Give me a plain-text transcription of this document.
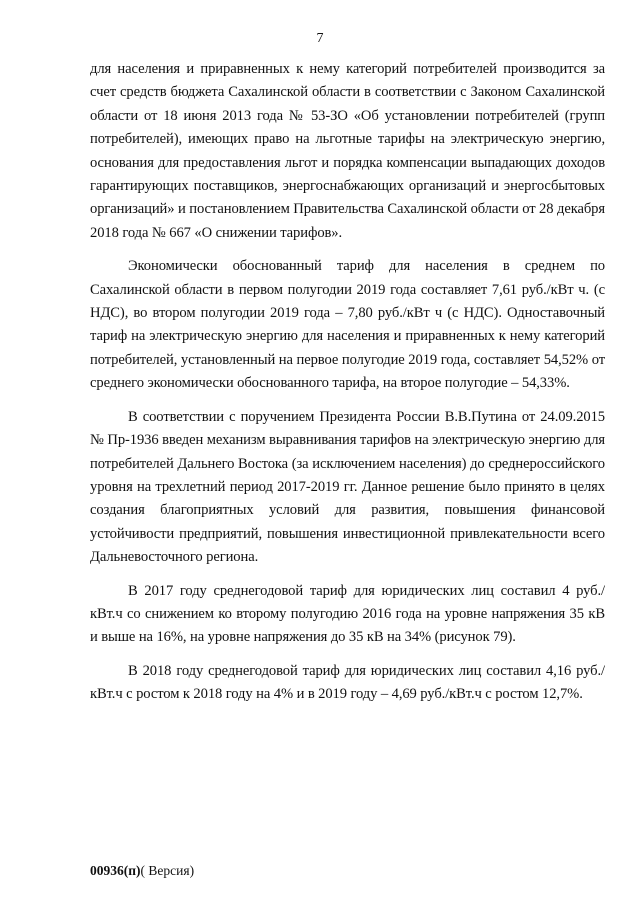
7

для населения и приравненных к нему категорий потребителей производится за счет средств бюджета Сахалинской области в соответствии с Законом Сахалинской области от 18 июня 2013 года № 53-ЗО «Об установлении потребителей (групп потребителей), имеющих право на льготные тарифы на электрическую энергию, основания для предоставления льгот и порядка компенсации выпадающих доходов гарантирующих поставщиков, энергоснабжающих организаций и энергосбытовых организаций» и постановлением Правительства Сахалинской области от 28 декабря 2018 года № 667 «О снижении тарифов».

Экономически обоснованный тариф для населения в среднем по Сахалинской области в первом полугодии 2019 года составляет 7,61 руб./кВт ч. (с НДС), во втором полугодии 2019 года – 7,80 руб./кВт ч (с НДС). Одноставочный тариф на электрическую энергию для населения и приравненных к нему категорий потребителей, установленный на первое полугодие 2019 года, составляет 54,52% от среднего экономически обоснованного тарифа, на второе полугодие – 54,33%.

В соответствии с поручением Президента России В.В.Путина от 24.09.2015 № Пр-1936 введен механизм выравнивания тарифов на электрическую энергию для потребителей Дальнего Востока (за исключением населения) до среднероссийского уровня на трехлетний период 2017-2019 гг. Данное решение было принято в целях создания благоприятных условий для развития, повышения финансовой устойчивости предприятий, повышения инвестиционной привлекательности всего Дальневосточного региона.

В 2017 году среднегодовой тариф для юридических лиц составил 4 руб./кВт.ч со снижением ко второму полугодию 2016 года на уровне напряжения 35 кВ и выше на 16%, на уровне напряжения до 35 кВ на 34% (рисунок 79).

В 2018 году среднегодовой тариф для юридических лиц составил 4,16 руб./кВт.ч с ростом к 2018 году на 4% и в 2019 году – 4,69 руб./кВт.ч с ростом 12,7%.

00936(п)( Версия)
